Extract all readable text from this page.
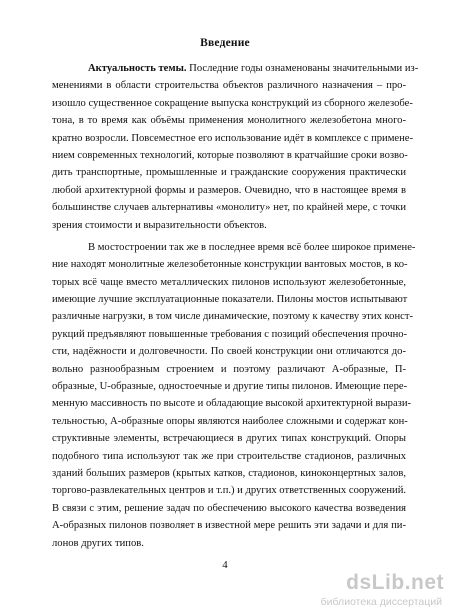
Введение
Актуальность темы. Последние годы ознаменованы значительными из-
менениями в области строительства объектов различного назначения – про-
изошло существенное сокращение выпуска конструкций из сборного железобе-
тона, в то время как объёмы применения монолитного железобетона много-
кратно возросли. Повсеместное его использование идёт в комплексе с примене-
нием современных технологий, которые позволяют в кратчайшие сроки возво-
дить транспортные, промышленные и гражданские сооружения практически
любой архитектурной формы и размеров. Очевидно, что в настоящее время в
большинстве случаев альтернативы «монолиту» нет, по крайней мере, с точки
зрения стоимости и выразительности объектов.
В мостостроении так же в последнее время всё более широкое примене-
ние находят монолитные железобетонные конструкции вантовых мостов, в ко-
торых всё чаще вместо металлических пилонов используют железобетонные,
имеющие лучшие эксплуатационные показатели. Пилоны мостов испытывают
различные нагрузки, в том числе динамические, поэтому к качеству этих конст-
рукций предъявляют повышенные требования с позиций обеспечения прочно-
сти, надёжности и долговечности. По своей конструкции они отличаются до-
вольно разнообразным строением и поэтому различают А-образные, П-
образные, U-образные, одностоечные и другие типы пилонов. Имеющие пере-
менную массивность по высоте и обладающие высокой архитектурной вырази-
тельностью, А-образные опоры являются наиболее сложными и содержат кон-
структивные элементы, встречающиеся в других типах конструкций. Опоры
подобного типа используют так же при строительстве стадионов, различных
зданий больших размеров (крытых катков, стадионов, киноконцертных залов,
торгово-развлекательных центров и т.п.) и других ответственных сооружений.
В связи с этим, решение задач по обеспечению высокого качества возведения
А-образных пилонов позволяет в известной мере решить эти задачи и для пи-
лонов других типов.
4
dsLib.net
библиотека диссертаций
